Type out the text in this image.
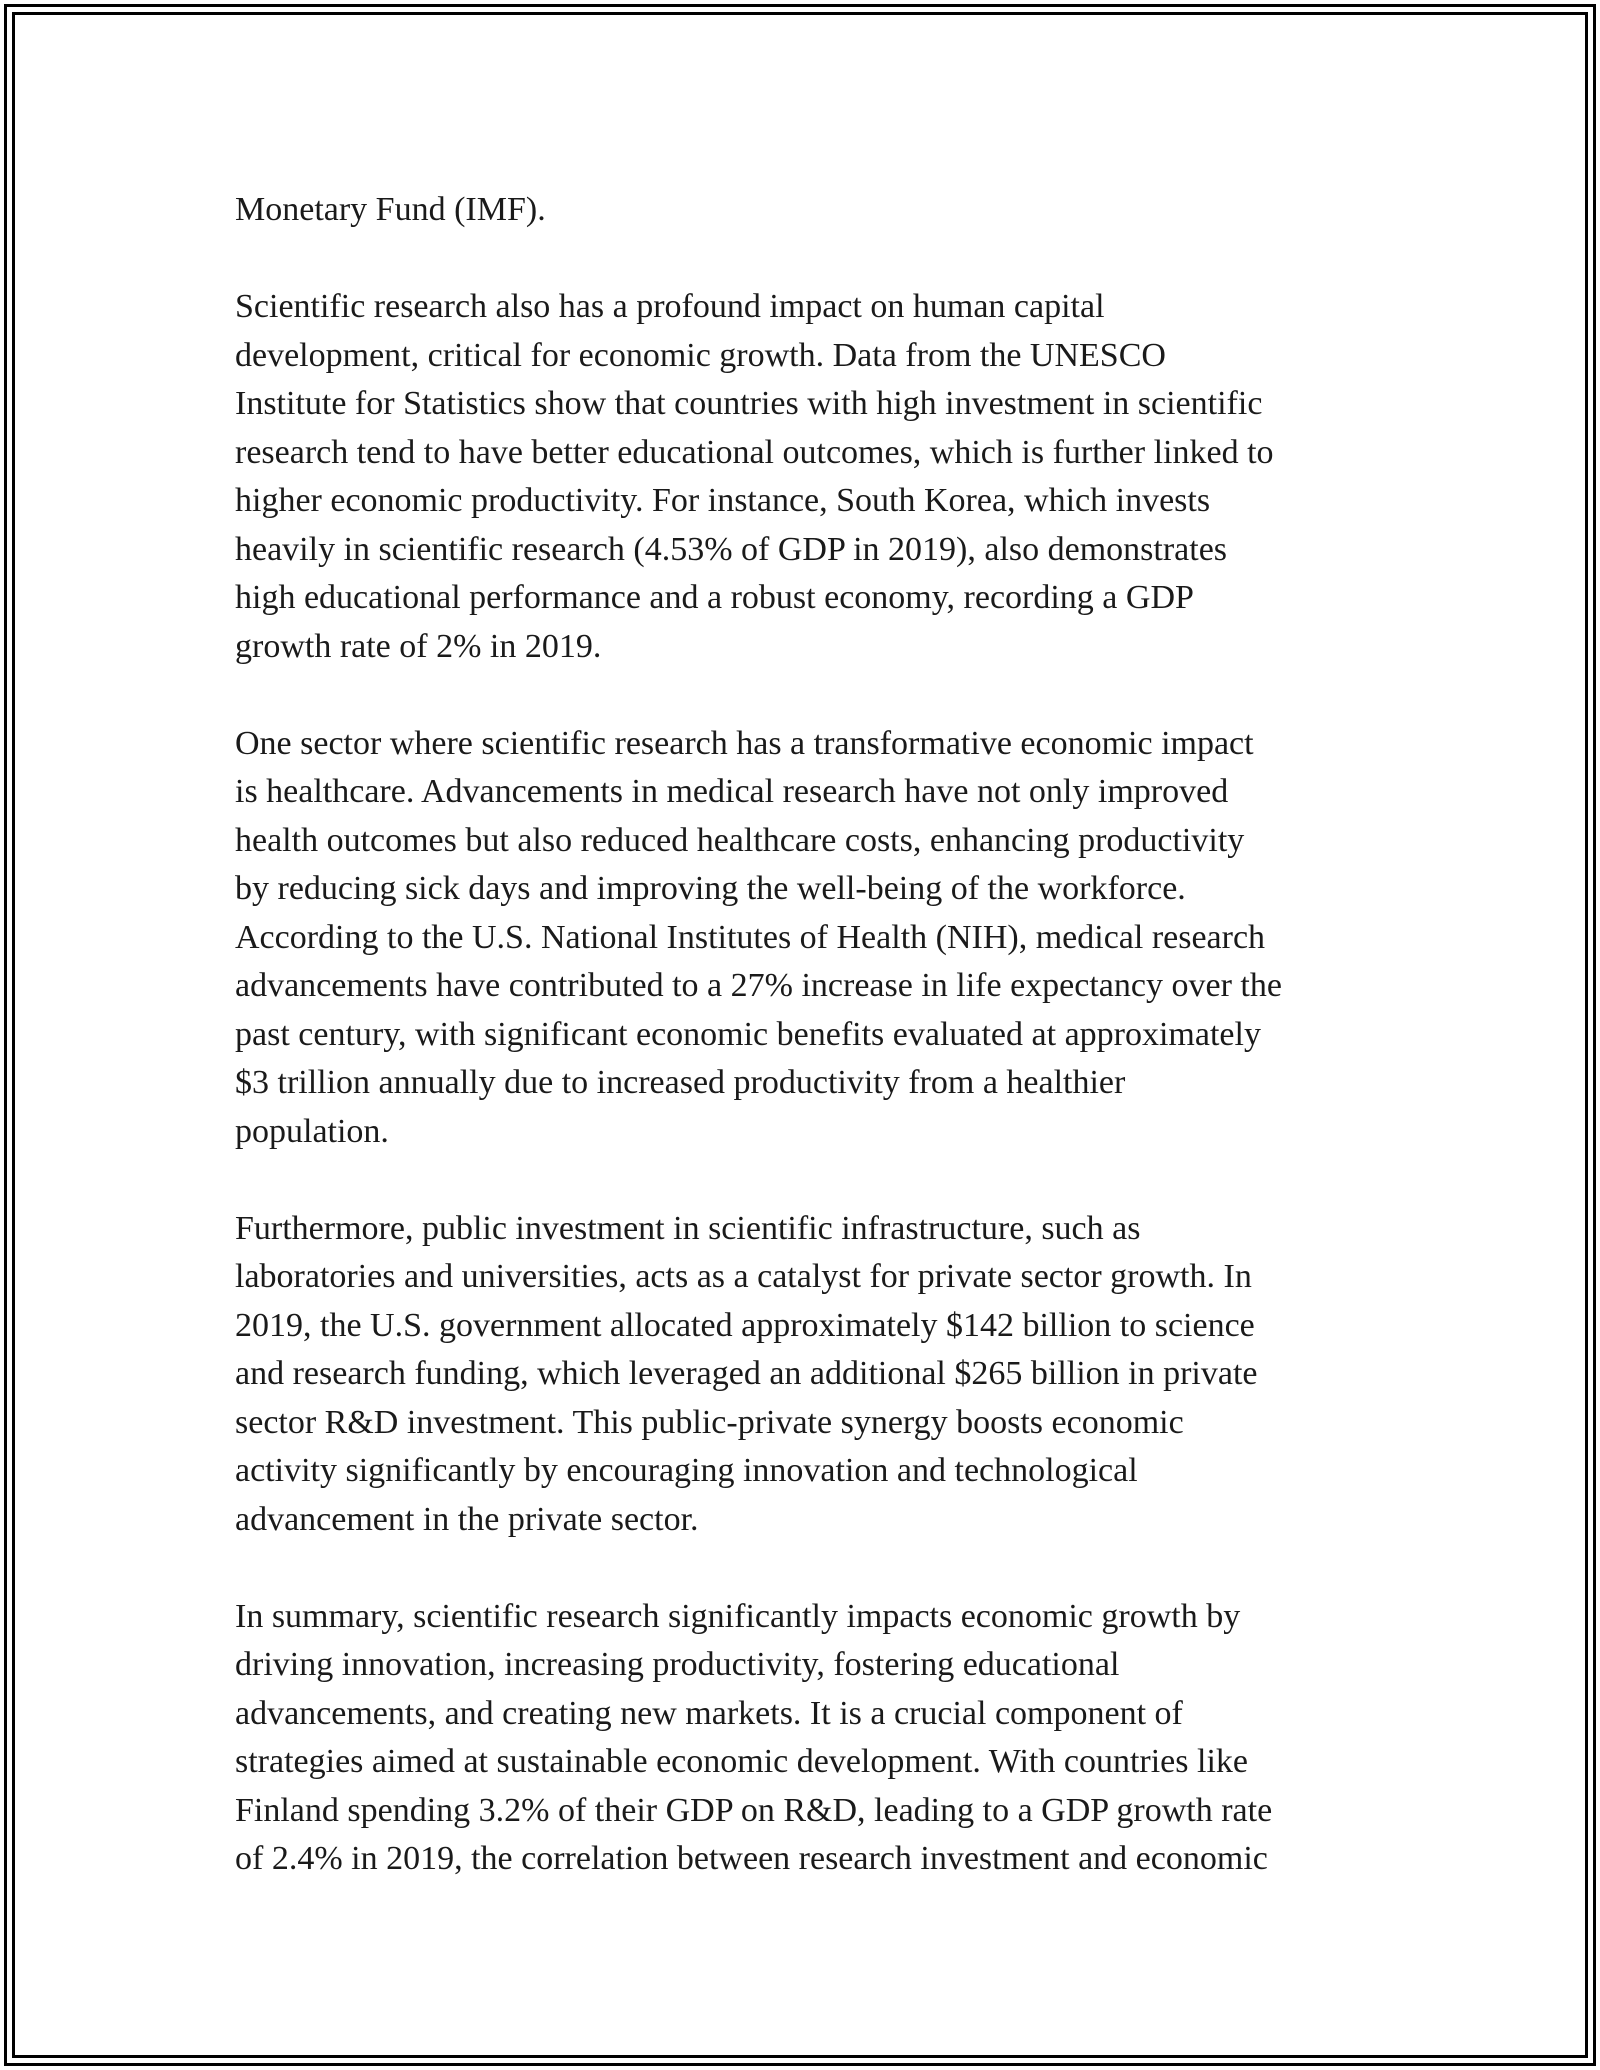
Monetary Fund (IMF).
Scientific research also has a profound impact on human capital
development, critical for economic growth. Data from the UNESCO
Institute for Statistics show that countries with high investment in scientific
research tend to have better educational outcomes, which is further linked to
higher economic productivity. For instance, South Korea, which invests
heavily in scientific research (4.53% of GDP in 2019), also demonstrates
high educational performance and a robust economy, recording a GDP
growth rate of 2% in 2019.
One sector where scientific research has a transformative economic impact
is healthcare. Advancements in medical research have not only improved
health outcomes but also reduced healthcare costs, enhancing productivity
by reducing sick days and improving the well-being of the workforce.
According to the U.S. National Institutes of Health (NIH), medical research
advancements have contributed to a 27% increase in life expectancy over the
past century, with significant economic benefits evaluated at approximately
$3 trillion annually due to increased productivity from a healthier
population.
Furthermore, public investment in scientific infrastructure, such as
laboratories and universities, acts as a catalyst for private sector growth. In
2019, the U.S. government allocated approximately $142 billion to science
and research funding, which leveraged an additional $265 billion in private
sector R&D investment. This public-private synergy boosts economic
activity significantly by encouraging innovation and technological
advancement in the private sector.
In summary, scientific research significantly impacts economic growth by
driving innovation, increasing productivity, fostering educational
advancements, and creating new markets. It is a crucial component of
strategies aimed at sustainable economic development. With countries like
Finland spending 3.2% of their GDP on R&D, leading to a GDP growth rate
of 2.4% in 2019, the correlation between research investment and economic
